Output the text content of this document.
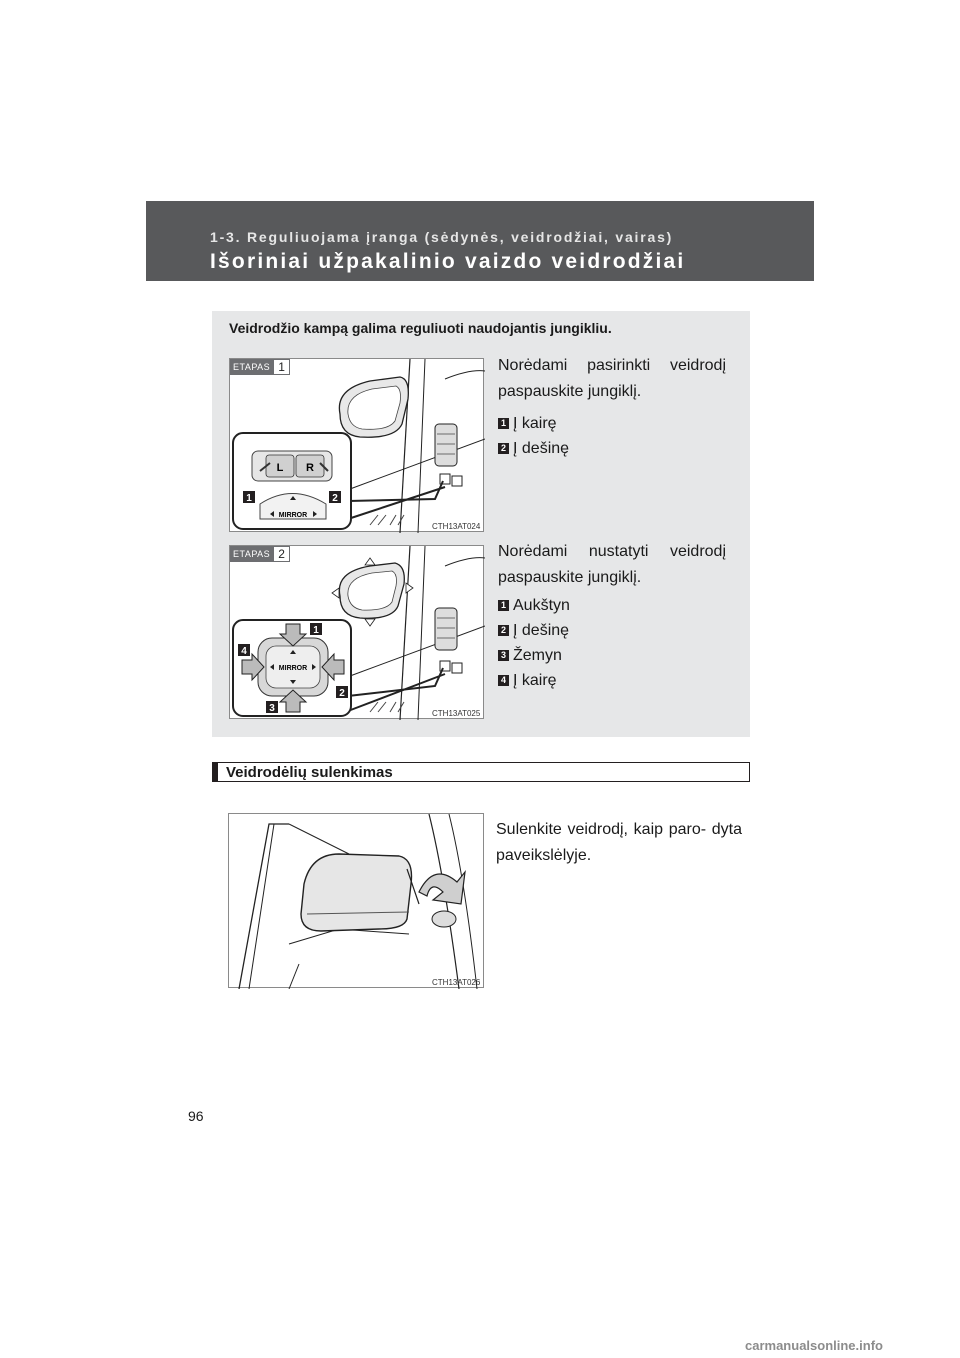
1-3. Reguliuojama įranga (sėdynės, veidrodžiai, vairas)
Išoriniai užpakalinio vaizdo veidrodžiai
Veidrodžio kampą galima reguliuoti naudojantis jungikliu.
L R
MIRROR
1	2
ETAPAS 1
CTH13AT024
Norėdami pasirinkti veidrodį paspauskite jungiklį.
1 Į kairę
2 Į dešinę
MIRROR
1
2
3
4
ETAPAS 2
CTH13AT025
Norėdami nustatyti veidrodį paspauskite jungiklį.
1 Aukštyn
2 Į dešinę
3 Žemyn
4 Į kairę
Veidrodėlių sulenkimas
CTH13AT026
Sulenkite veidrodį, kaip paro- dyta paveikslėlyje.
96
carmanualsonline.info
